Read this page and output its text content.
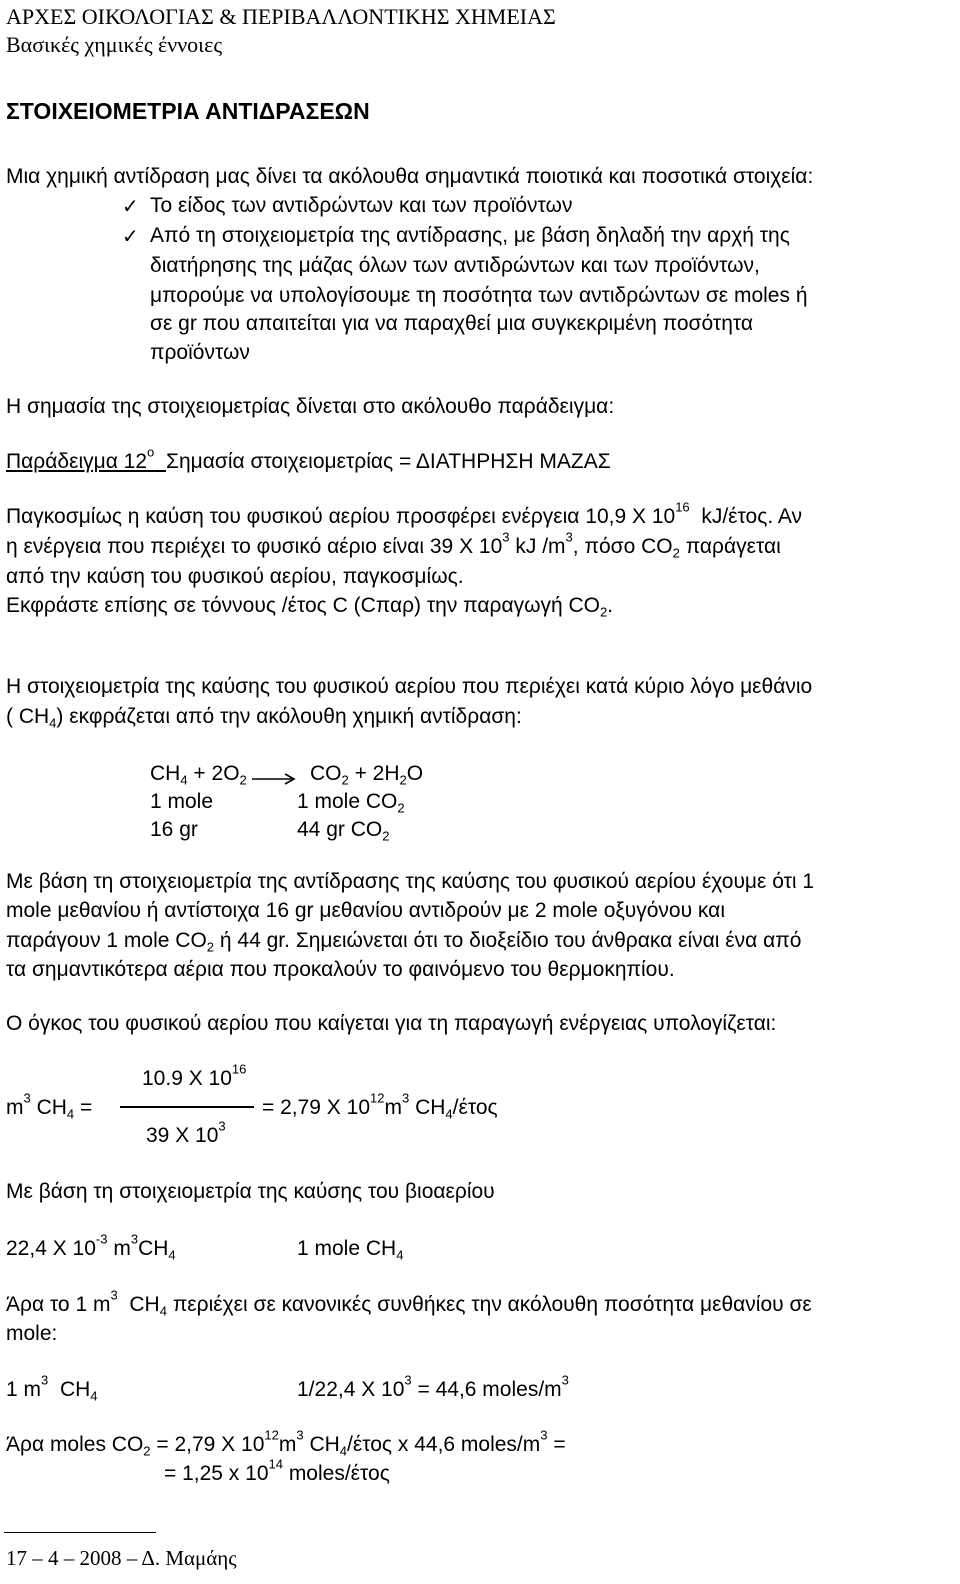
ΑΡΧΕΣ ΟΙΚΟΛΟΓΙΑΣ & ΠΕΡΙΒΑΛΛΟΝΤΙΚΗΣ ΧΗΜΕΙΑΣ
Βασικές χημικές έννοιες
ΣΤΟΙΧΕΙΟΜΕΤΡΙΑ ΑΝΤΙΔΡΑΣΕΩΝ
Μια χημική αντίδραση μας δίνει τα ακόλουθα σημαντικά ποιοτικά και ποσοτικά στοιχεία:
✓ Το είδος των αντιδρώντων και των προϊόντων
✓ Από τη στοιχειομετρία της αντίδρασης, με βάση δηλαδή την αρχή της
διατήρησης της μάζας όλων των αντιδρώντων και των προϊόντων,
μπορούμε να υπολογίσουμε τη ποσότητα των αντιδρώντων σε moles ή
σε gr που απαιτείται για να παραχθεί μια συγκεκριμένη ποσότητα
προϊόντων
Η σημασία της στοιχειομετρίας δίνεται στο ακόλουθο παράδειγμα:
Παράδειγμα $12^o$ Σημασία στοιχειομετρίας = ΔΙΑΤΗΡΗΣΗ ΜΑΖΑΣ
Παγκοσμίως η καύση του φυσικού αερίου προσφέρει ενέργεια 10,9 Χ $10^{16}$ kJ/έτος. Αν
η ενέργεια που περιέχει το φυσικό αέριο είναι 39 Χ $10^3$ kJ $/m^3$, πόσο $CO_2$ παράγεται
από την καύση του φυσικού αερίου, παγκοσμίως.
Εκφράστε επίσης σε τόννους /έτος C (Cπαρ) την παραγωγή $CO_2$.
Η στοιχειομετρία της καύσης του φυσικού αερίου που περιέχει κατά κύριο λόγο μεθάνιο
( $CH_4$) εκφράζεται από την ακόλουθη χημική αντίδραση:
$CH_4 + 2O_2 \to CO_2 + 2H_2O$
1 mole	1 mole $CO_2$
16 gr	44 gr $CO_2$
Με βάση τη στοιχειομετρία της αντίδρασης της καύσης του φυσικού αερίου έχουμε ότι 1
mole μεθανίου ή αντίστοιχα 16 gr μεθανίου αντιδρούν με 2 mole οξυγόνου και
παράγουν 1 mole $CO_2$ ή 44 gr. Σημειώνεται ότι το διοξείδιο του άνθρακα είναι ένα από
τα σημαντικότερα αέρια που προκαλούν το φαινόμενο του θερμοκηπίου.
Ο όγκος του φυσικού αερίου που καίγεται για τη παραγωγή ενέργειας υπολογίζεται:
10.9 Χ $10^{16}$
$m^3$ $CH_4$ =	= 2,79 Χ $10^{12}m^3$ $CH_4$/έτος
39 Χ $10^3$
Με βάση τη στοιχειομετρία της καύσης του βιοαερίου
22,4 Χ $10^{-3}$ $m^3CH_4$	1 mole $CH_4$
Άρα το 1 $m^3$ $CH_4$ περιέχει σε κανονικές συνθήκες την ακόλουθη ποσότητα μεθανίου σε
mole:
1 $m^3$ $CH_4$	1/22,4 Χ $10^3 = 44,6$ moles/$m^3$
Άρα moles $CO_2 = 2,79$ Χ $10^{12}m^3$ $CH_4$/έτος x 44,6 moles/$m^3$ =
= 1,25 x $10^{14}$ moles/έτος
17 – 4 – 2008 – Δ. Μαμάης
